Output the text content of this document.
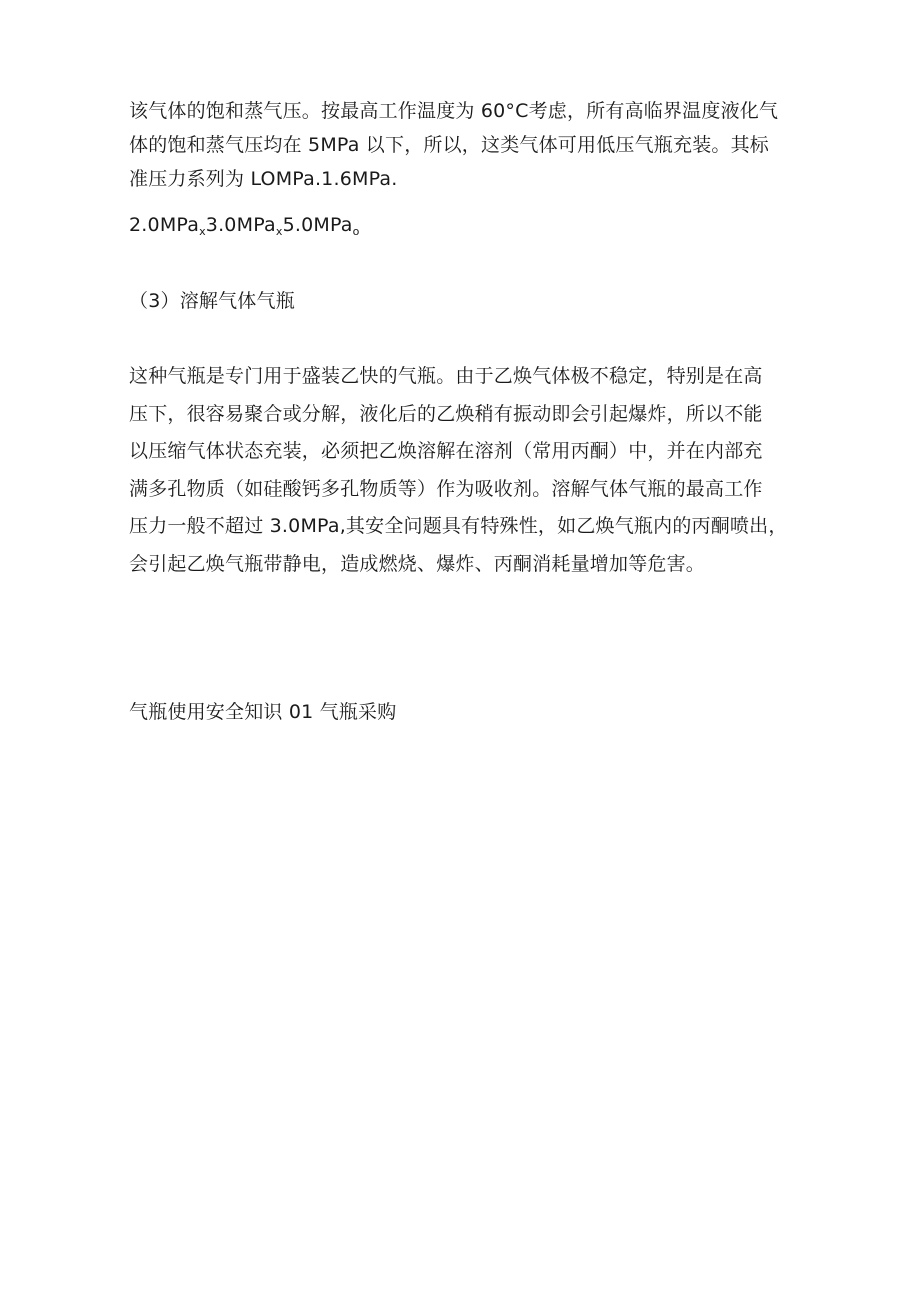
该气体的饱和蒸气压。按最高工作温度为 60°C考虑，所有高临界温度液化气
体的饱和蒸气压均在 5MPa 以下，所以，这类气体可用低压气瓶充装。其标
准压力系列为 LOMPa.1.6MPa.

2.0MPa$_x$3.0MPa$_x$5.0MPa$_o$

（3）溶解气体气瓶

这种气瓶是专门用于盛装乙快的气瓶。由于乙焕气体极不稳定，特别是在高
压下，很容易聚合或分解，液化后的乙焕稍有振动即会引起爆炸，所以不能
以压缩气体状态充装，必须把乙焕溶解在溶剂（常用丙酮）中，并在内部充
满多孔物质（如硅酸钙多孔物质等）作为吸收剂。溶解气体气瓶的最高工作
压力一般不超过 3.0MPa,其安全问题具有特殊性，如乙焕气瓶内的丙酮喷出，
会引起乙焕气瓶带静电，造成燃烧、爆炸、丙酮消耗量增加等危害。

气瓶使用安全知识 01 气瓶采购
